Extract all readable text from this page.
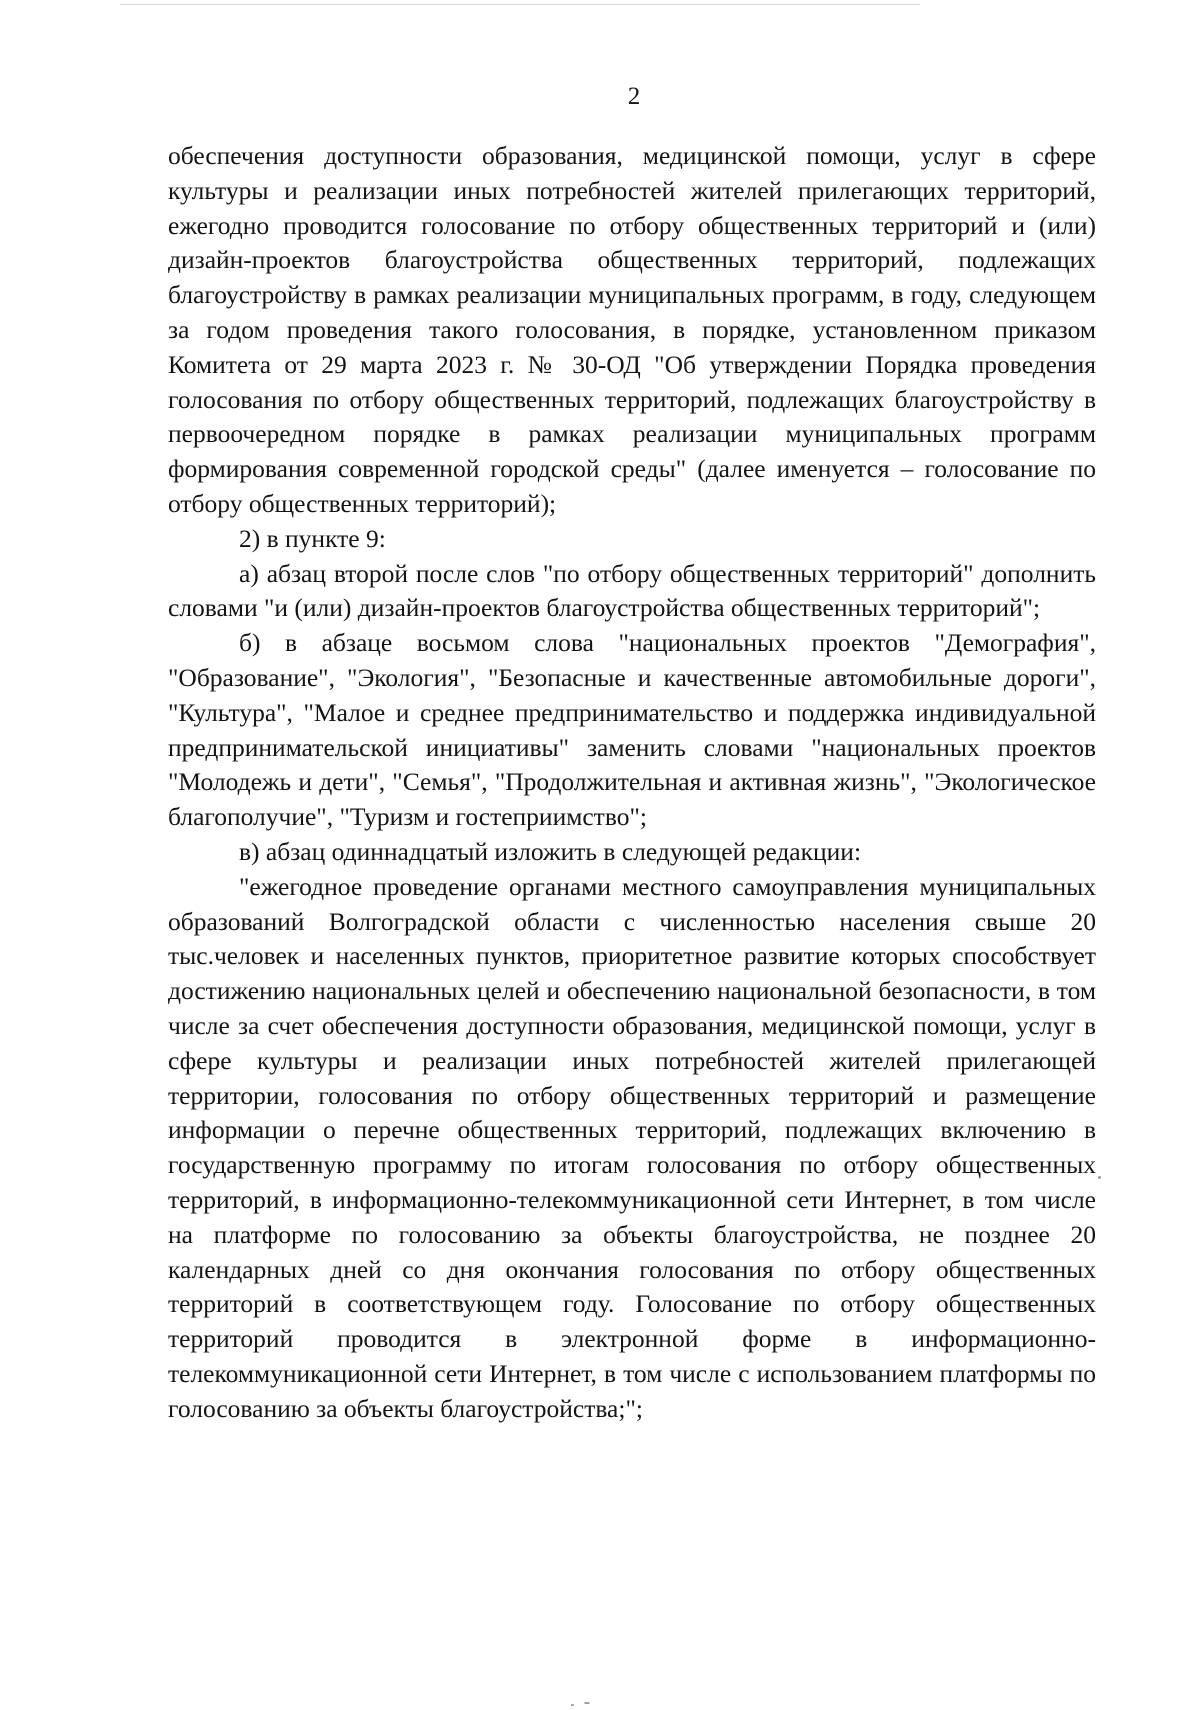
2

обеспечения доступности образования, медицинской помощи, услуг в сфере культуры и реализации иных потребностей жителей прилегающих территорий, ежегодно проводится голосование по отбору общественных территорий и (или) дизайн-проектов благоустройства общественных территорий, подлежащих благоустройству в рамках реализации муниципальных программ, в году, следующем за годом проведения такого голосования, в порядке, установленном приказом Комитета от 29 марта 2023 г. № 30-ОД "Об утверждении Порядка проведения голосования по отбору общественных территорий, подлежащих благоустройству в первоочередном порядке в рамках реализации муниципальных программ формирования современной городской среды" (далее именуется – голосование по отбору общественных территорий);

2) в пункте 9:

а) абзац второй после слов "по отбору общественных территорий" дополнить словами "и (или) дизайн-проектов благоустройства общественных территорий";

б) в абзаце восьмом слова "национальных проектов "Демография", "Образование", "Экология", "Безопасные и качественные автомобильные дороги", "Культура", "Малое и среднее предпринимательство и поддержка индивидуальной предпринимательской инициативы" заменить словами "национальных проектов "Молодежь и дети", "Семья", "Продолжительная и активная жизнь", "Экологическое благополучие", "Туризм и гостеприимство";

в) абзац одиннадцатый изложить в следующей редакции:

"ежегодное проведение органами местного самоуправления муниципальных образований Волгоградской области с численностью населения свыше 20 тыс.человек и населенных пунктов, приоритетное развитие которых способствует достижению национальных целей и обеспечению национальной безопасности, в том числе за счет обеспечения доступности образования, медицинской помощи, услуг в сфере культуры и реализации иных потребностей жителей прилегающей территории, голосования по отбору общественных территорий и размещение информации о перечне общественных территорий, подлежащих включению в государственную программу по итогам голосования по отбору общественных территорий, в информационно-телекоммуникационной сети Интернет, в том числе на платформе по голосованию за объекты благоустройства, не позднее 20 календарных дней со дня окончания голосования по отбору общественных территорий в соответствующем году. Голосование по отбору общественных территорий проводится в электронной форме в информационно-телекоммуникационной сети Интернет, в том числе с использованием платформы по голосованию за объекты благоустройства;";
